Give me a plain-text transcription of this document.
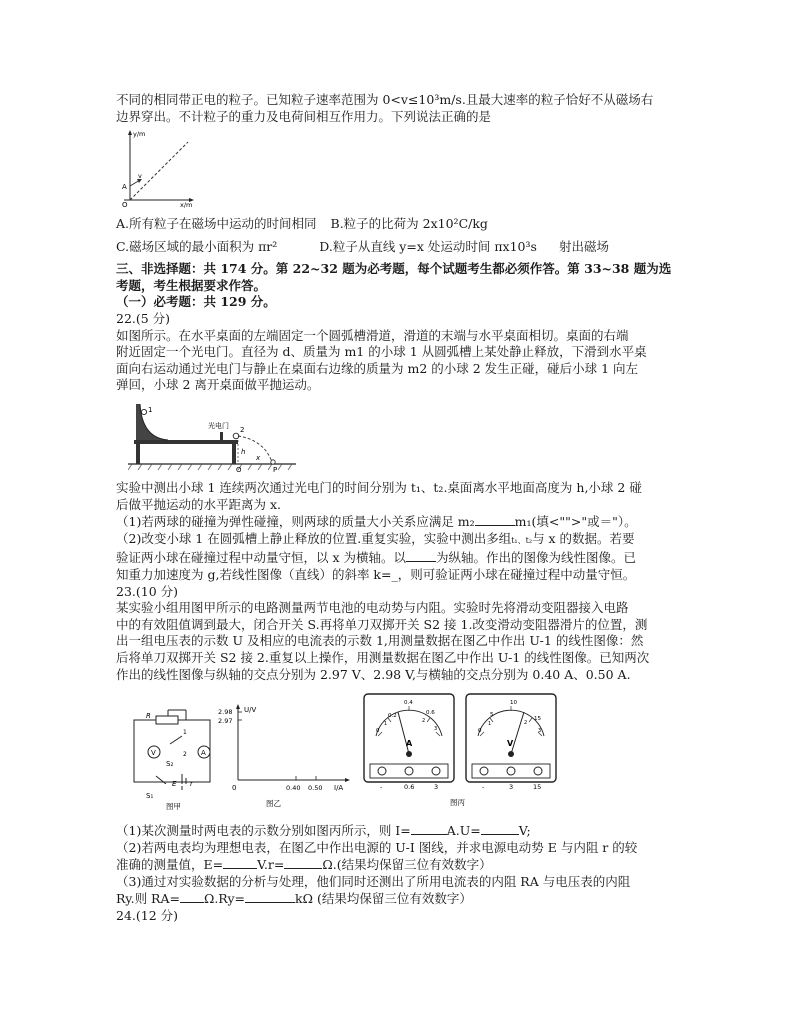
不同的相同带正电的粒子。已知粒子速率范围为 0<v≤10³m/s.且最大速率的粒子恰好不从磁场右
边界穿出。不计粒子的重力及电荷间相互作用力。下列说法正确的是
y/m
x/m
O
A
v
A.所有粒子在磁场中运动的时间相同 B.粒子的比荷为 2x10²C/kg
C.磁场区域的最小面积为 πr²	D.粒子从直线 y=x 处运动时间 πx10³s 射出磁场
三、非选择题：共 174 分。第 22~32 题为必考题，每个试题考生都必须作答。第 33~38 题为选
考题，考生根据要求作答。
（一）必考题：共 129 分。
22.(5 分)
如图所示。在水平桌面的左端固定一个圆弧槽滑道，滑道的末端与水平桌面相切。桌面的右端
附近固定一个光电门。直径为 d、质量为 m1 的小球 1 从圆弧槽上某处静止释放，下滑到水平桌
面向右运动通过光电门与静止在桌面右边缘的质量为 m2 的小球 2 发生正碰，碰后小球 1 向左
弹回，小球 2 离开桌面做平抛运动。
1
光电门 2
h
O
x
P
实验中测出小球 1 连续两次通过光电门的时间分别为 t₁、t₂.桌面离水平地面高度为 h,小球 2 碰
后做平抛运动的水平距离为 x.
（1)若两球的碰撞为弹性碰撞，则两球的质量大小关系应满足 m₂	m₁(填<"">"或＝"）。
（2)改变小球 1 在圆弧槽上静止释放的位置.重复实验，实验中测出多组t₁、t₂与 x 的数据。若要
验证两小球在碰撞过程中动量守恒，以 x 为横轴。以 为纵轴。作出的图像为线性图像。已
知重力加速度为 g,若线性图像（直线）的斜率 k=_，则可验证两小球在碰撞过程中动量守恒。
23.(10 分)
某实验小组用图甲所示的电路测量两节电池的电动势与内阻。实验时先将滑动变阻器接入电路
中的有效阻值调到最大，闭合开关 S.再将单刀双掷开关 S2 接 1.改变滑动变阻器滑片的位置，测
出一组电压表的示数 U 及相应的电流表的示数 1,用测量数据在图乙中作出 U-1 的线性图像：然
后将单刀双掷开关 S2 接 2.重复以上操作，用测量数据在图乙中作出 U-1 的线性图像。已知两次
作出的线性图像与纵轴的交点分别为 2.97 V、2.98 V,与横轴的交点分别为 0.40 A、0.50 A.
R
V	A
S₂
1
2
S₁
E r
图甲
U/V
2.98
2.97
0	0.40 0.50 I/A
图乙
A
0
0.2
0.4
0.6
1	2
3
-	0.6	3
V
0
5
10
15
1	2
3
-	3	15
图丙
（1)某次测量时两电表的示数分别如图丙所示，则 I=	A.U=	V;
（2)若两电表均为理想电表，在图乙中作出电源的 U-I 图线，并求电源电动势 E 与内阻 r 的较
准确的测量值，E=	V.r=	Ω.(结果均保留三位有效数字）
（3)通过对实验数据的分析与处理，他们同时还测出了所用电流表的内阻 RA 与电压表的内阻
Ry.则 RA= Ω.Ry=	kΩ (结果均保留三位有效数字）
24.(12 分)
